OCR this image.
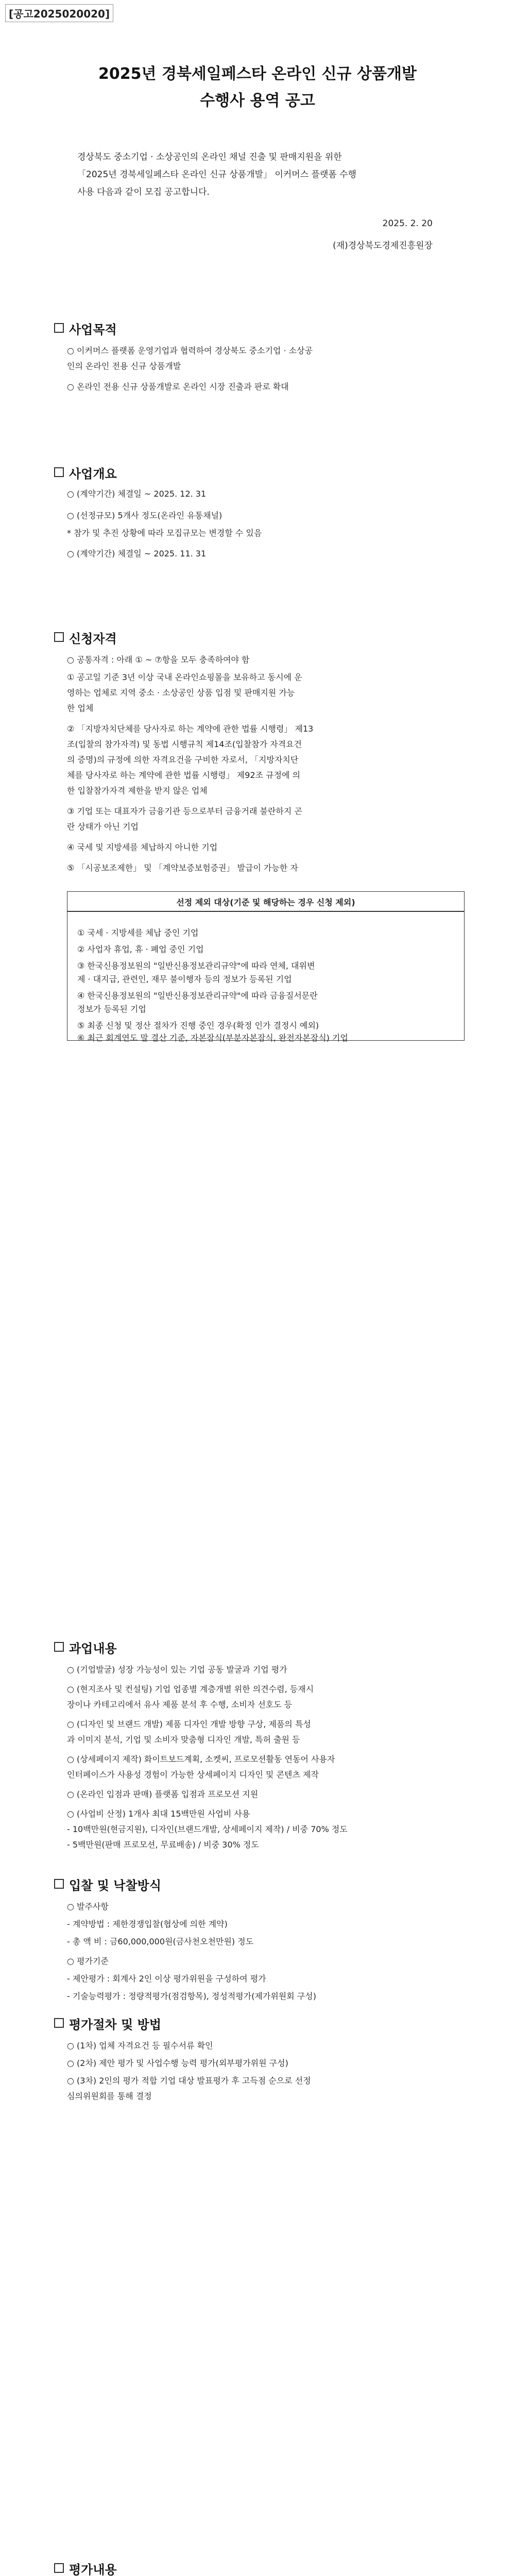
[공고2025020020]
2025년 경북세일페스타 온라인 신규 상품개발
수행사 용역 공고
경상북도 중소기업 · 소상공인의 온라인 채널 진출 및 판매지원을 위한
「2025년 경북세일페스타 온라인 신규 상품개발」 이커머스 플랫폼 수행
사용 다음과 같이 모집 공고합니다.
2025. 2. 20
(재)경상북도경제진흥원장
사업목적
○ 이커머스 플랫폼 운영기업과 협력하여 경상북도 중소기업 · 소상공
인의 온라인 전용 신규 상품개발
○ 온라인 전용 신규 상품개발로 온라인 시장 진출과 판로 확대
사업개요
○ (계약기간) 체결일 ~ 2025. 12. 31
○ (선정규모) 5개사 정도(온라인 유통채널)
* 참가 및 추진 상황에 따라 모집규모는 변경할 수 있음
○ (계약기간) 체결일 ~ 2025. 11. 31
신청자격
○ 공통자격 : 아래 ① ~ ⑦항을 모두 충족하여야 함
① 공고일 기준 3년 이상 국내 온라인쇼핑몰을 보유하고 동시에 운
영하는 업체로 지역 중소 · 소상공인 상품 입점 및 판매지원 가능
한 업체
② 「지방자치단체를 당사자로 하는 계약에 관한 법률 시행령」 제13
조(입찰의 참가자격) 및 동법 시행규칙 제14조(입찰참가 자격요건
의 증명)의 규정에 의한 자격요건을 구비한 자로서, 「지방자치단
체를 당사자로 하는 계약에 관한 법률 시행령」 제92조 규정에 의
한 입찰참가자격 제한을 받지 않은 업체
③ 기업 또는 대표자가 금융기관 등으로부터 금융거래 불란하지 곤
란 상태가 아닌 기업
④ 국세 및 지방세를 체납하지 아니한 기업
⑤ 「시공보조제한」 및 「계약보증보험증권」 발급이 가능한 자
선정 제외 대상(기준 및 해당하는 경우 신청 제외)
① 국세 · 지방세를 체납 중인 기업
② 사업자 휴업, 휴 · 폐업 중인 기업
③ 한국신용정보원의 "일반신용정보관리규약"에 따라 연체, 대위변
제 · 대지급, 관련인, 재무 불이행자 등의 정보가 등록된 기업
④ 한국신용정보원의 "일반신용정보관리규약"에 따라 금융질서문란
정보가 등록된 기업
⑤ 최종 신청 및 정산 절차가 진행 중인 경우(확정 인가 결정시 예외)
⑥ 최근 회계연도 말 결산 기준, 자본잠식(부분자본잠식, 완전자본잠식) 기업
과업내용
○ (기업발굴) 성장 가능성이 있는 기업 공동 발굴과 기업 평가
○ (현지조사 및 컨설팅) 기업 업종별 계층개별 위한 의견수렴, 등재시
장이나 카테고리에서 유사 제품 분석 후 수행, 소비자 선호도 등
○ (디자인 및 브랜드 개발) 제품 디자인 개발 방향 구상, 제품의 특성
과 이미지 분석, 기업 및 소비자 맞춤형 디자인 개발, 특허 출원 등
○ (상세페이지 제작) 화이트보드계획, 소켓씨, 프로모션활동 연동어 사용자
인터페이스가 사용성 경험이 가능한 상세페이지 디자인 및 콘텐츠 제작
○ (온라인 입점과 판매) 플랫폼 입점과 프로모션 지원
○ (사업비 산정) 1개사 최대 15백만원 사업비 사용
- 10백만원(현금지원), 디자인(브랜드개발, 상세페이지 제작) / 비중 70% 정도
- 5백만원(판매 프로모션, 무료배송) / 비중 30% 정도
입찰 및 낙찰방식
○ 발주사항
- 계약방법 : 제한경쟁입찰(협상에 의한 계약)
- 총 액 비 : 금60,000,000원(금사천오천만원) 정도
○ 평가기준
- 제안평가 : 회계사 2인 이상 평가위원을 구성하여 평가
- 기술능력평가 : 정량적평가(점검항목), 정성적평가(제가위원회 구성)
평가절차 및 방법
○ (1차) 업체 자격요건 등 필수서류 확인
○ (2차) 제안 평가 및 사업수행 능력 평가(외부평가위원 구성)
○ (3차) 2인의 평가 적합 기업 대상 발표평가 후 고득점 순으로 선정
심의위원회를 통해 결정
평가내용
